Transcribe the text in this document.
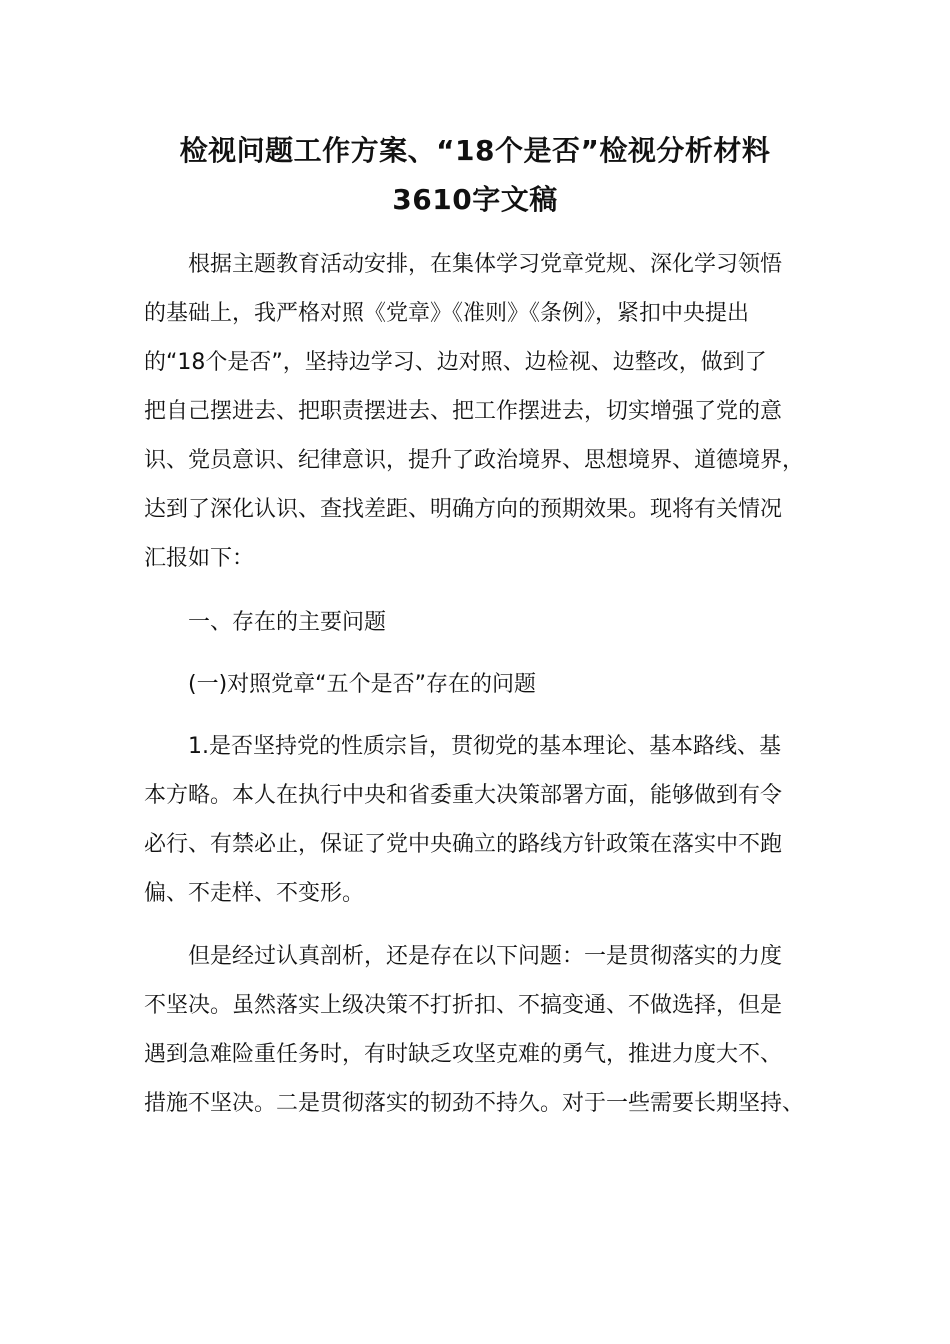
检视问题工作方案、“18个是否”检视分析材料
3610字文稿
根据主题教育活动安排，在集体学习党章党规、深化学习领悟
的基础上，我严格对照《党章》《准则》《条例》，紧扣中央提出
的“18个是否”，坚持边学习、边对照、边检视、边整改，做到了
把自己摆进去、把职责摆进去、把工作摆进去，切实增强了党的意
识、党员意识、纪律意识，提升了政治境界、思想境界、道德境界，
达到了深化认识、查找差距、明确方向的预期效果。现将有关情况
汇报如下：
一、存在的主要问题
(一)对照党章“五个是否”存在的问题
1.是否坚持党的性质宗旨，贯彻党的基本理论、基本路线、基
本方略。本人在执行中央和省委重大决策部署方面，能够做到有令
必行、有禁必止，保证了党中央确立的路线方针政策在落实中不跑
偏、不走样、不变形。
但是经过认真剖析，还是存在以下问题：一是贯彻落实的力度
不坚决。虽然落实上级决策不打折扣、不搞变通、不做选择，但是
遇到急难险重任务时，有时缺乏攻坚克难的勇气，推进力度大不、
措施不坚决。二是贯彻落实的韧劲不持久。对于一些需要长期坚持、
